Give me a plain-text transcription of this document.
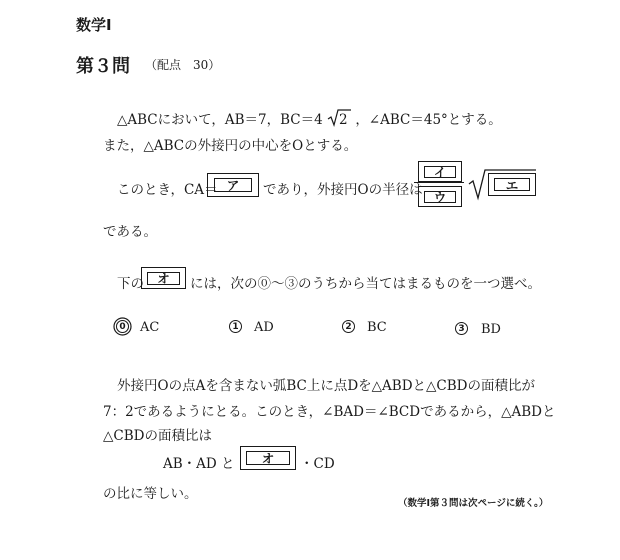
数学Ⅰ
第３問 （配点　30）
△ABCにおいて，AB＝7，BC＝4 2 ，∠ABC＝45°とする。
また，△ABCの外接円の中心をOとする。
このとき，CA＝ ア	であり，外接円Oの半径は
イ
ウ
エ
である。
下の	オ	には，次の⓪～③のうちから当てはまるものを一つ選べ。
0 AC	1 AD	2 BC	3 BD
外接円Oの点Aを含まない弧BC上に点Dを△ABDと△CBDの面積比が
7：2であるようにとる。このとき，∠BAD＝∠BCDであるから，△ABDと
△CBDの面積比は
AB・AD と	オ	・CD
の比に等しい。
（数学Ⅰ第３問は次ページに続く。）
